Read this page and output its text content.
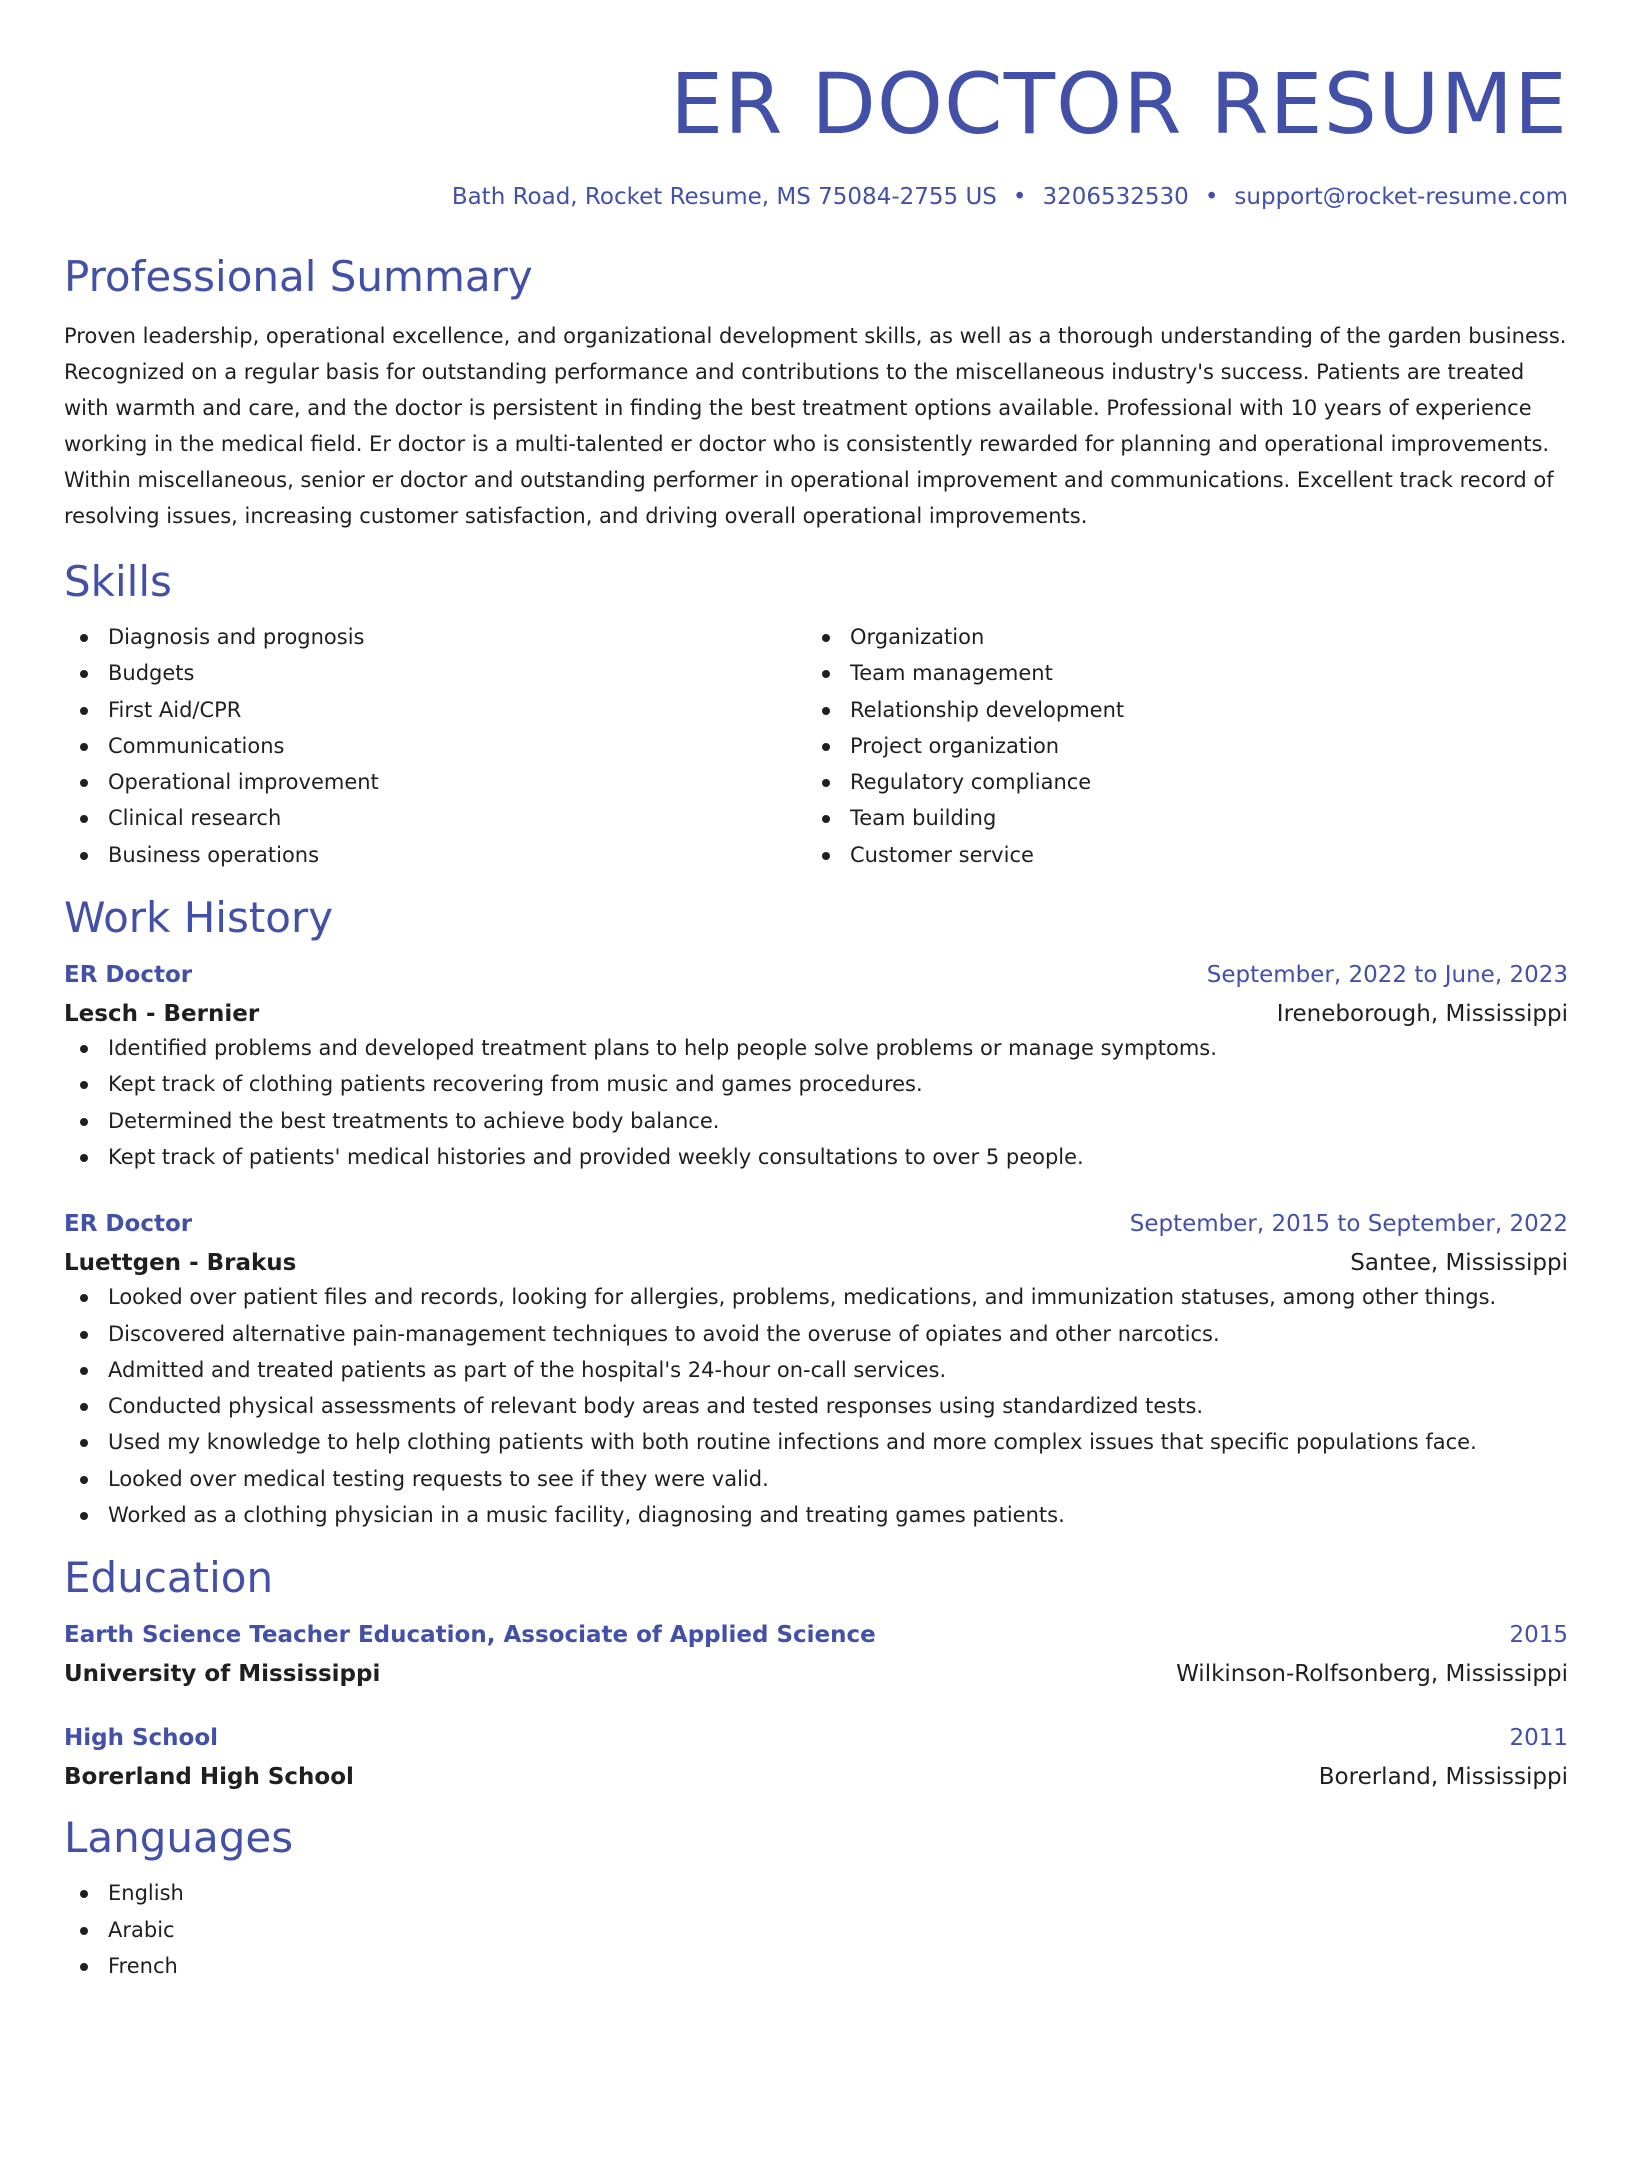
ER DOCTOR RESUME
Bath Road, Rocket Resume, MS 75084-2755 US • 3206532530 • support@rocket-resume.com
Professional Summary
Proven leadership, operational excellence, and organizational development skills, as well as a thorough understanding of the garden business. Recognized on a regular basis for outstanding performance and contributions to the miscellaneous industry's success. Patients are treated with warmth and care, and the doctor is persistent in finding the best treatment options available. Professional with 10 years of experience working in the medical field. Er doctor is a multi-talented er doctor who is consistently rewarded for planning and operational improvements. Within miscellaneous, senior er doctor and outstanding performer in operational improvement and communications. Excellent track record of resolving issues, increasing customer satisfaction, and driving overall operational improvements.
Skills
Diagnosis and prognosis
Budgets
First Aid/CPR
Communications
Operational improvement
Clinical research
Business operations
Organization
Team management
Relationship development
Project organization
Regulatory compliance
Team building
Customer service
Work History
ER Doctor	September, 2022 to June, 2023
Lesch - Bernier	Ireneborough, Mississippi
Identified problems and developed treatment plans to help people solve problems or manage symptoms.
Kept track of clothing patients recovering from music and games procedures.
Determined the best treatments to achieve body balance.
Kept track of patients' medical histories and provided weekly consultations to over 5 people.
ER Doctor	September, 2015 to September, 2022
Luettgen - Brakus	Santee, Mississippi
Looked over patient files and records, looking for allergies, problems, medications, and immunization statuses, among other things.
Discovered alternative pain-management techniques to avoid the overuse of opiates and other narcotics.
Admitted and treated patients as part of the hospital's 24-hour on-call services.
Conducted physical assessments of relevant body areas and tested responses using standardized tests.
Used my knowledge to help clothing patients with both routine infections and more complex issues that specific populations face.
Looked over medical testing requests to see if they were valid.
Worked as a clothing physician in a music facility, diagnosing and treating games patients.
Education
Earth Science Teacher Education, Associate of Applied Science	2015
University of Mississippi	Wilkinson-Rolfsonberg, Mississippi
High School	2011
Borerland High School	Borerland, Mississippi
Languages
English
Arabic
French
